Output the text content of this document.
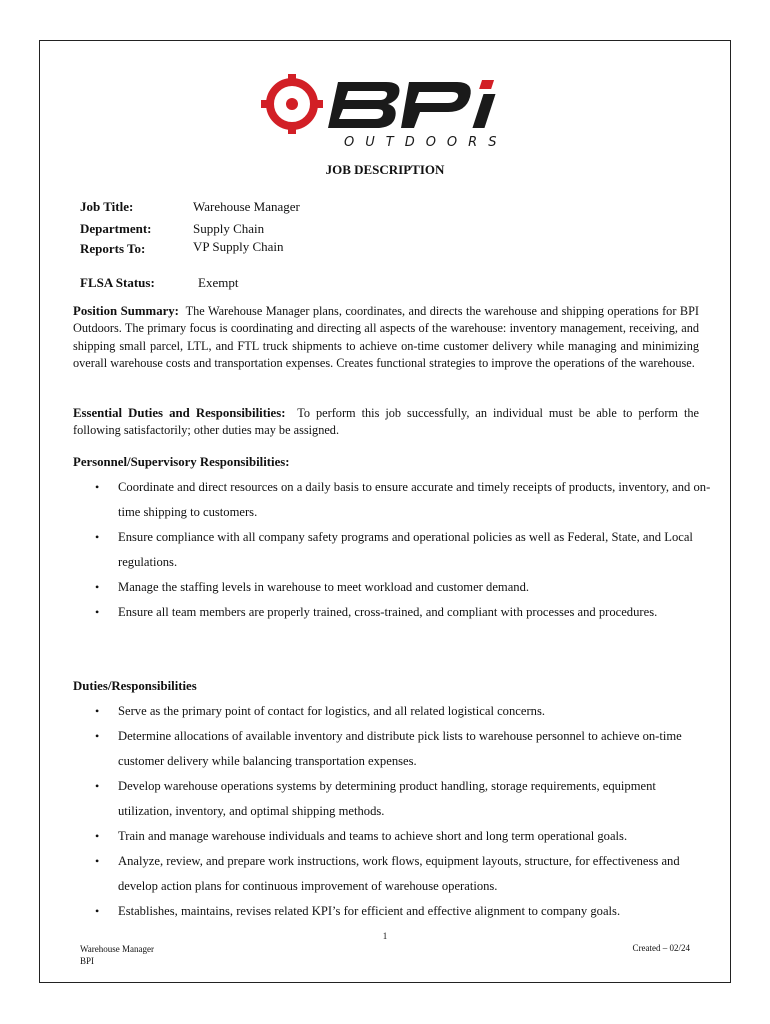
OUTDOORS
JOB DESCRIPTION
Job Title:	Warehouse Manager
Department:	Supply Chain
Reports To:	VP Supply Chain
FLSA Status:	Exempt

Position Summary: The Warehouse Manager plans, coordinates, and directs the warehouse and shipping operations for BPI Outdoors. The primary focus is coordinating and directing all aspects of the warehouse: inventory management, receiving, and shipping small parcel, LTL, and FTL truck shipments to achieve on-time customer delivery while managing and minimizing overall warehouse costs and transportation expenses. Creates functional strategies to improve the operations of the warehouse.

Essential Duties and Responsibilities: To perform this job successfully, an individual must be able to perform the following satisfactorily; other duties may be assigned.

Personnel/Supervisory Responsibilities:
• Coordinate and direct resources on a daily basis to ensure accurate and timely receipts of products, inventory, and on-time shipping to customers.
• Ensure compliance with all company safety programs and operational policies as well as Federal, State, and Local regulations.
• Manage the staffing levels in warehouse to meet workload and customer demand.
• Ensure all team members are properly trained, cross-trained, and compliant with processes and procedures.
Duties/Responsibilities
• Serve as the primary point of contact for logistics, and all related logistical concerns.
• Determine allocations of available inventory and distribute pick lists to warehouse personnel to achieve on-time customer delivery while balancing transportation expenses.
• Develop warehouse operations systems by determining product handling, storage requirements, equipment utilization, inventory, and optimal shipping methods.
• Train and manage warehouse individuals and teams to achieve short and long term operational goals.
• Analyze, review, and prepare work instructions, work flows, equipment layouts, structure, for effectiveness and develop action plans for continuous improvement of warehouse operations.
• Establishes, maintains, revises related KPI’s for efficient and effective alignment to company goals.
1
Warehouse Manager
BPI
Created – 02/24
